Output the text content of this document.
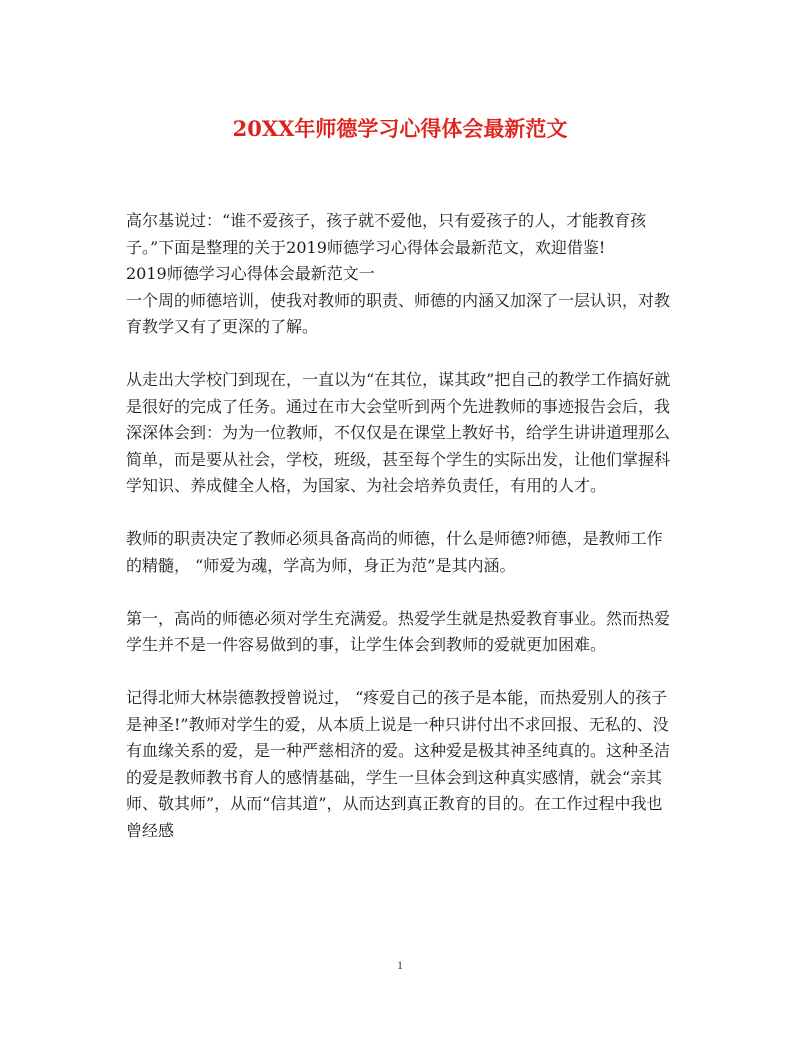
20XX年师德学习心得体会最新范文

高尔基说过：“谁不爱孩子，孩子就不爱他，只有爱孩子的人，才能教育孩子。”下面是整理的关于2019师德学习心得体会最新范文，欢迎借鉴!

2019师德学习心得体会最新范文一

一个周的师德培训，使我对教师的职责、师德的内涵又加深了一层认识，对教育教学又有了更深的了解。

从走出大学校门到现在，一直以为“在其位，谋其政”把自己的教学工作搞好就是很好的完成了任务。通过在市大会堂听到两个先进教师的事迹报告会后，我深深体会到：为为一位教师，不仅仅是在课堂上教好书，给学生讲讲道理那么简单，而是要从社会，学校，班级，甚至每个学生的实际出发，让他们掌握科学知识、养成健全人格，为国家、为社会培养负责任，有用的人才。

教师的职责决定了教师必须具备高尚的师德，什么是师德?师德，是教师工作的精髓， “师爱为魂，学高为师，身正为范”是其内涵。

第一，高尚的师德必须对学生充满爱。热爱学生就是热爱教育事业。然而热爱学生并不是一件容易做到的事，让学生体会到教师的爱就更加困难。

记得北师大林崇德教授曾说过， “疼爱自己的孩子是本能，而热爱别人的孩子是神圣!”教师对学生的爱，从本质上说是一种只讲付出不求回报、无私的、没有血缘关系的爱，是一种严慈相济的爱。这种爱是极其神圣纯真的。这种圣洁的爱是教师教书育人的感情基础，学生一旦体会到这种真实感情，就会“亲其师、敬其师”，从而“信其道”，从而达到真正教育的目的。在工作过程中我也曾经感

1
